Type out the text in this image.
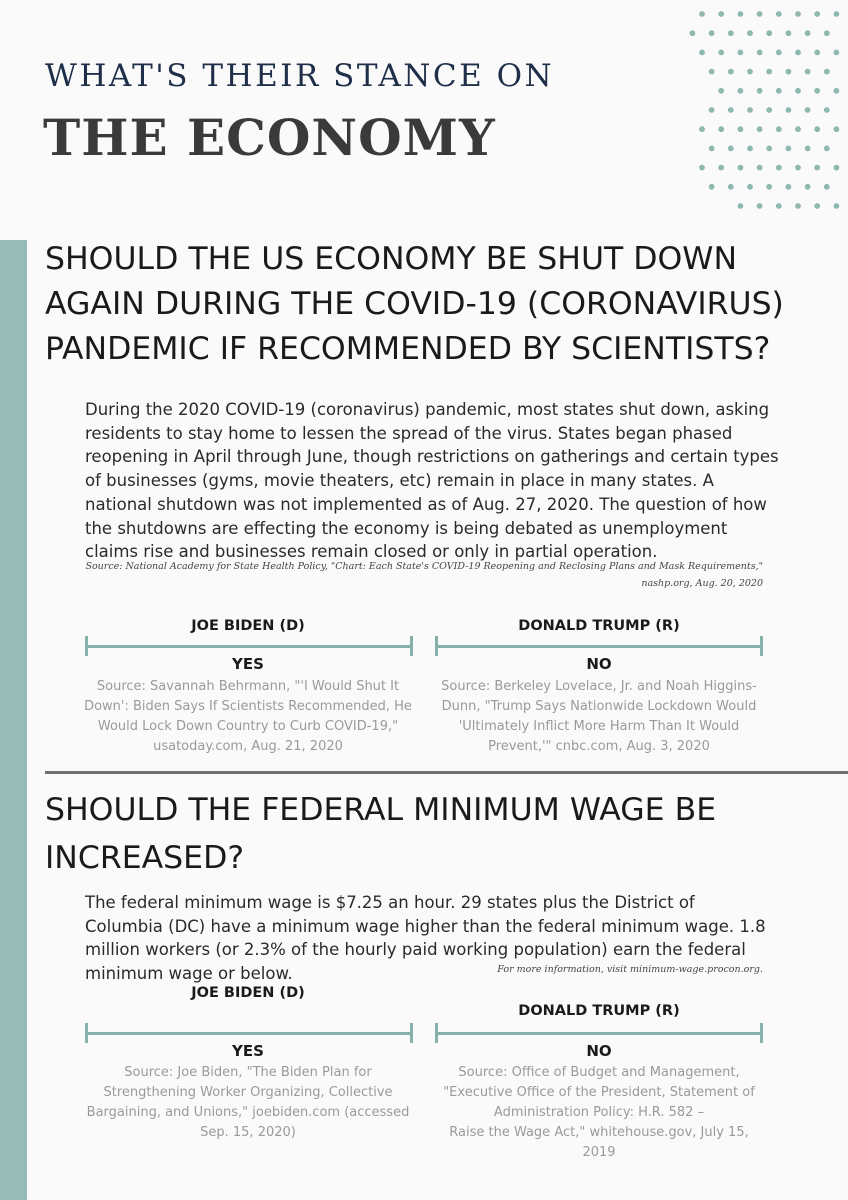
WHAT'S THEIR STANCE ON
THE ECONOMY
SHOULD THE US ECONOMY BE SHUT DOWN
AGAIN DURING THE COVID-19 (CORONAVIRUS)
PANDEMIC IF RECOMMENDED BY SCIENTISTS?
During the 2020 COVID-19 (coronavirus) pandemic, most states shut down, asking residents to stay home to lessen the spread of the virus. States began phased reopening in April through June, though restrictions on gatherings and certain types of businesses (gyms, movie theaters, etc) remain in place in many states. A national shutdown was not implemented as of Aug. 27, 2020. The question of how the shutdowns are effecting the economy is being debated as unemployment claims rise and businesses remain closed or only in partial operation.
Source: National Academy for State Health Policy, "Chart: Each State's COVID-19 Reopening and Reclosing Plans and Mask Requirements,"
nashp.org, Aug. 20, 2020
JOE BIDEN (D)
YES
Source: Savannah Behrmann, "'I Would Shut It
Down': Biden Says If Scientists Recommended, He
Would Lock Down Country to Curb COVID-19,"
usatoday.com, Aug. 21, 2020
DONALD TRUMP (R)
NO
Source: Berkeley Lovelace, Jr. and Noah Higgins-
Dunn, "Trump Says Nationwide Lockdown Would
'Ultimately Inflict More Harm Than It Would
Prevent,'" cnbc.com, Aug. 3, 2020
SHOULD THE FEDERAL MINIMUM WAGE BE
INCREASED?
The federal minimum wage is $7.25 an hour. 29 states plus the District of Columbia (DC) have a minimum wage higher than the federal minimum wage. 1.8 million workers (or 2.3% of the hourly paid working population) earn the federal minimum wage or below.	For more information, visit minimum-wage.procon.org.
JOE BIDEN (D)
YES
Source: Joe Biden, "The Biden Plan for
Strengthening Worker Organizing, Collective
Bargaining, and Unions," joebiden.com (accessed
Sep. 15, 2020)
DONALD TRUMP (R)
NO
Source: Office of Budget and Management,
"Executive Office of the President, Statement of
Administration Policy: H.R. 582 –
Raise the Wage Act," whitehouse.gov, July 15, 2019
